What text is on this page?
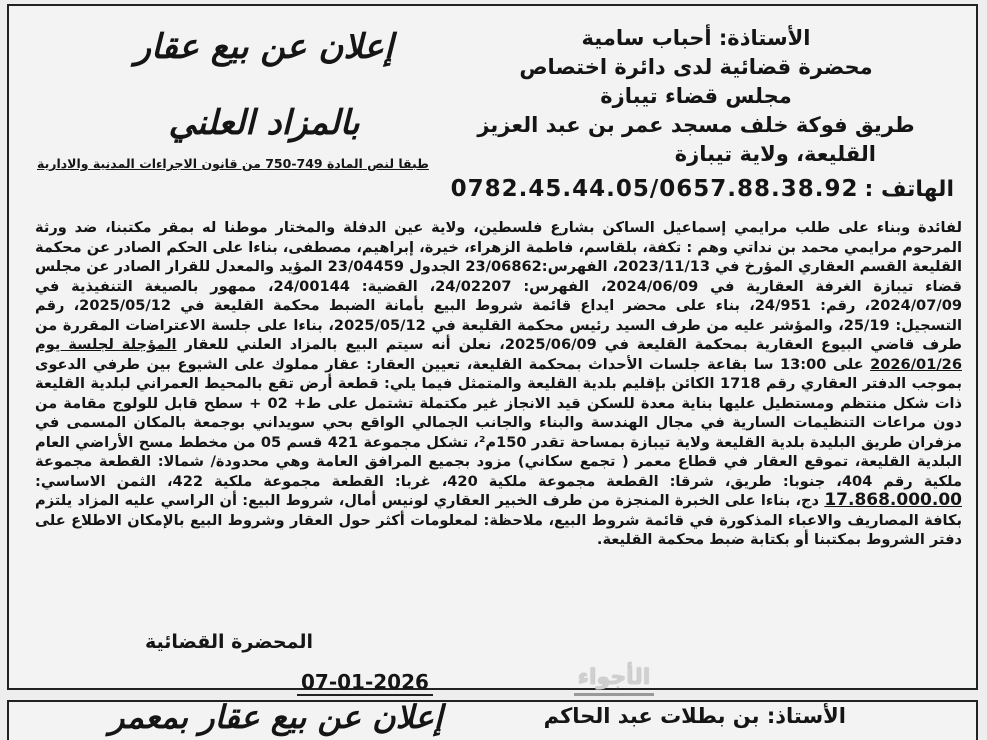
الأستاذة: أحباب سامية
محضرة قضائية لدى دائرة اختصاص
مجلس قضاء تيبازة
طريق فوكة خلف مسجد عمر بن عبد العزيز
القليعة، ولاية تيبازة
إعلان عن بيع عقار
بالمزاد العلني
طبقا لنص المادة 749-750 من قانون الاجراءات المدنية والادارية
الهاتف :
0782.45.44.05/0657.88.38.92
لفائدة وبناء على طلب مرايمي إسماعيل الساكن بشارع فلسطين، ولاية عين الدفلة والمختار موطنا له بمقر مكتبنا، ضد ورثة المرحوم مرايمي محمد بن نداتي وهم : تكفة، بلقاسم، فاطمة الزهراء، خيرة، إبراهيم، مصطفى، بناءا على الحكم الصادر عن محكمة القليعة القسم العقاري المؤرخ في 2023/11/13، الفهرس:23/06862 الجدول 23/04459 المؤيد والمعدل للقرار الصادر عن مجلس قضاء تيبازة الغرفة العقارية في 2024/06/09، الفهرس: 24/02207، القضية: 24/00144، ممهور بالصيغة التنفيذية في 2024/07/09، رقم: 24/951، بناء على محضر ايداع قائمة شروط البيع بأمانة الضبط محكمة القليعة في 2025/05/12، رقم التسجيل: 25/19، والمؤشر عليه من طرف السيد رئيس محكمة القليعة في 2025/05/12، بناءا على جلسة الاعتراضات المقررة من طرف قاضي البيوع العقارية بمحكمة القليعة في 2025/06/09، نعلن أنه سيتم البيع بالمزاد العلني للعقار المؤجلة لجلسة يوم 2026/01/26 على 13:00 سا بقاعة جلسات الأحداث بمحكمة القليعة، تعيين العقار: عقار مملوك على الشيوع بين طرفي الدعوى بموجب الدفتر العقاري رقم 1718 الكائن بإقليم بلدية القليعة والمتمثل فيما يلي: قطعة أرض تقع بالمحيط العمراني لبلدية القليعة ذات شكل منتظم ومستطيل عليها بناية معدة للسكن قيد الانجاز غير مكتملة تشتمل على ط+ 02 + سطح قابل للولوج مقامة من دون مراعات التنظيمات السارية في مجال الهندسة والبناء والجانب الجمالي الواقع بحي سويداني بوجمعة بالمكان المسمى في مزفران طريق البليدة بلدية القليعة ولاية تيبازة بمساحة تقدر 150م²، تشكل مجموعة 421 قسم 05 من مخطط مسح الأراضي العام البلدية القليعة، تموقع العقار في قطاع معمر ( تجمع سكاني) مزود بجميع المرافق العامة وهي محدودة/ شمالا: القطعة مجموعة ملكية رقم 404، جنوبا: طريق، شرقا: القطعة مجموعة ملكية 420، غربا: القطعة مجموعة ملكية 422، الثمن الاساسي: 17.868.000.00 دج، بناءا على الخبرة المنجزة من طرف الخبير العقاري لونيس أمال، شروط البيع: أن الراسي عليه المزاد يلتزم بكافة المصاريف والاعباء المذكورة في قائمة شروط البيع، ملاحظة: لمعلومات أكثر حول العقار وشروط البيع بالإمكان الاطلاع على دفتر الشروط بمكتبنا أو بكتابة ضبط محكمة القليعة.
المحضرة القضائية
07-01-2026	الأجواء
الأستاذ: بن بطلات عبد الحاكم
إعلان عن بيع عقار بمعمر
